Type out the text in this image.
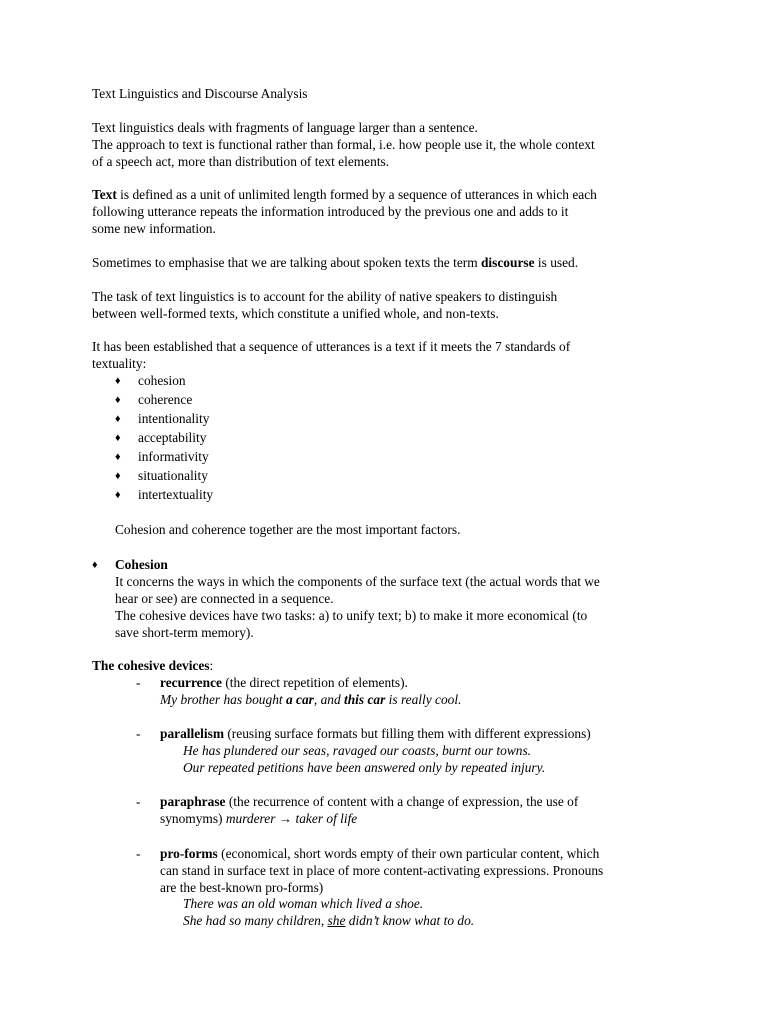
Text Linguistics and Discourse Analysis
Text linguistics deals with fragments of language larger than a sentence.
The approach to text is functional rather than formal, i.e. how people use it, the whole context
of a speech act, more than distribution of text elements.
Text is defined as a unit of unlimited length formed by a sequence of utterances in which each
following utterance repeats the information introduced by the previous one and adds to it
some new information.
Sometimes to emphasise that we are talking about spoken texts the term discourse is used.
The task of text linguistics is to account for the ability of native speakers to distinguish
between well-formed texts, which constitute a unified whole, and non-texts.
It has been established that a sequence of utterances is a text if it meets the 7 standards of
textuality:
♦ cohesion
♦ coherence
♦ intentionality
♦ acceptability
♦ informativity
♦ situationality
♦ intertextuality
Cohesion and coherence together are the most important factors.
♦ Cohesion
It concerns the ways in which the components of the surface text (the actual words that we
hear or see) are connected in a sequence.
The cohesive devices have two tasks: a) to unify text; b) to make it more economical (to
save short-term memory).
The cohesive devices:
- recurrence (the direct repetition of elements).
My brother has bought a car, and this car is really cool.
- parallelism (reusing surface formats but filling them with different expressions)
He has plundered our seas, ravaged our coasts, burnt our towns.
Our repeated petitions have been answered only by repeated injury.
- paraphrase (the recurrence of content with a change of expression, the use of
synomyms) murderer → taker of life
- pro-forms (economical, short words empty of their own particular content, which
can stand in surface text in place of more content-activating expressions. Pronouns
are the best-known pro-forms)
There was an old woman which lived a shoe.
She had so many children, she didn’t know what to do.
